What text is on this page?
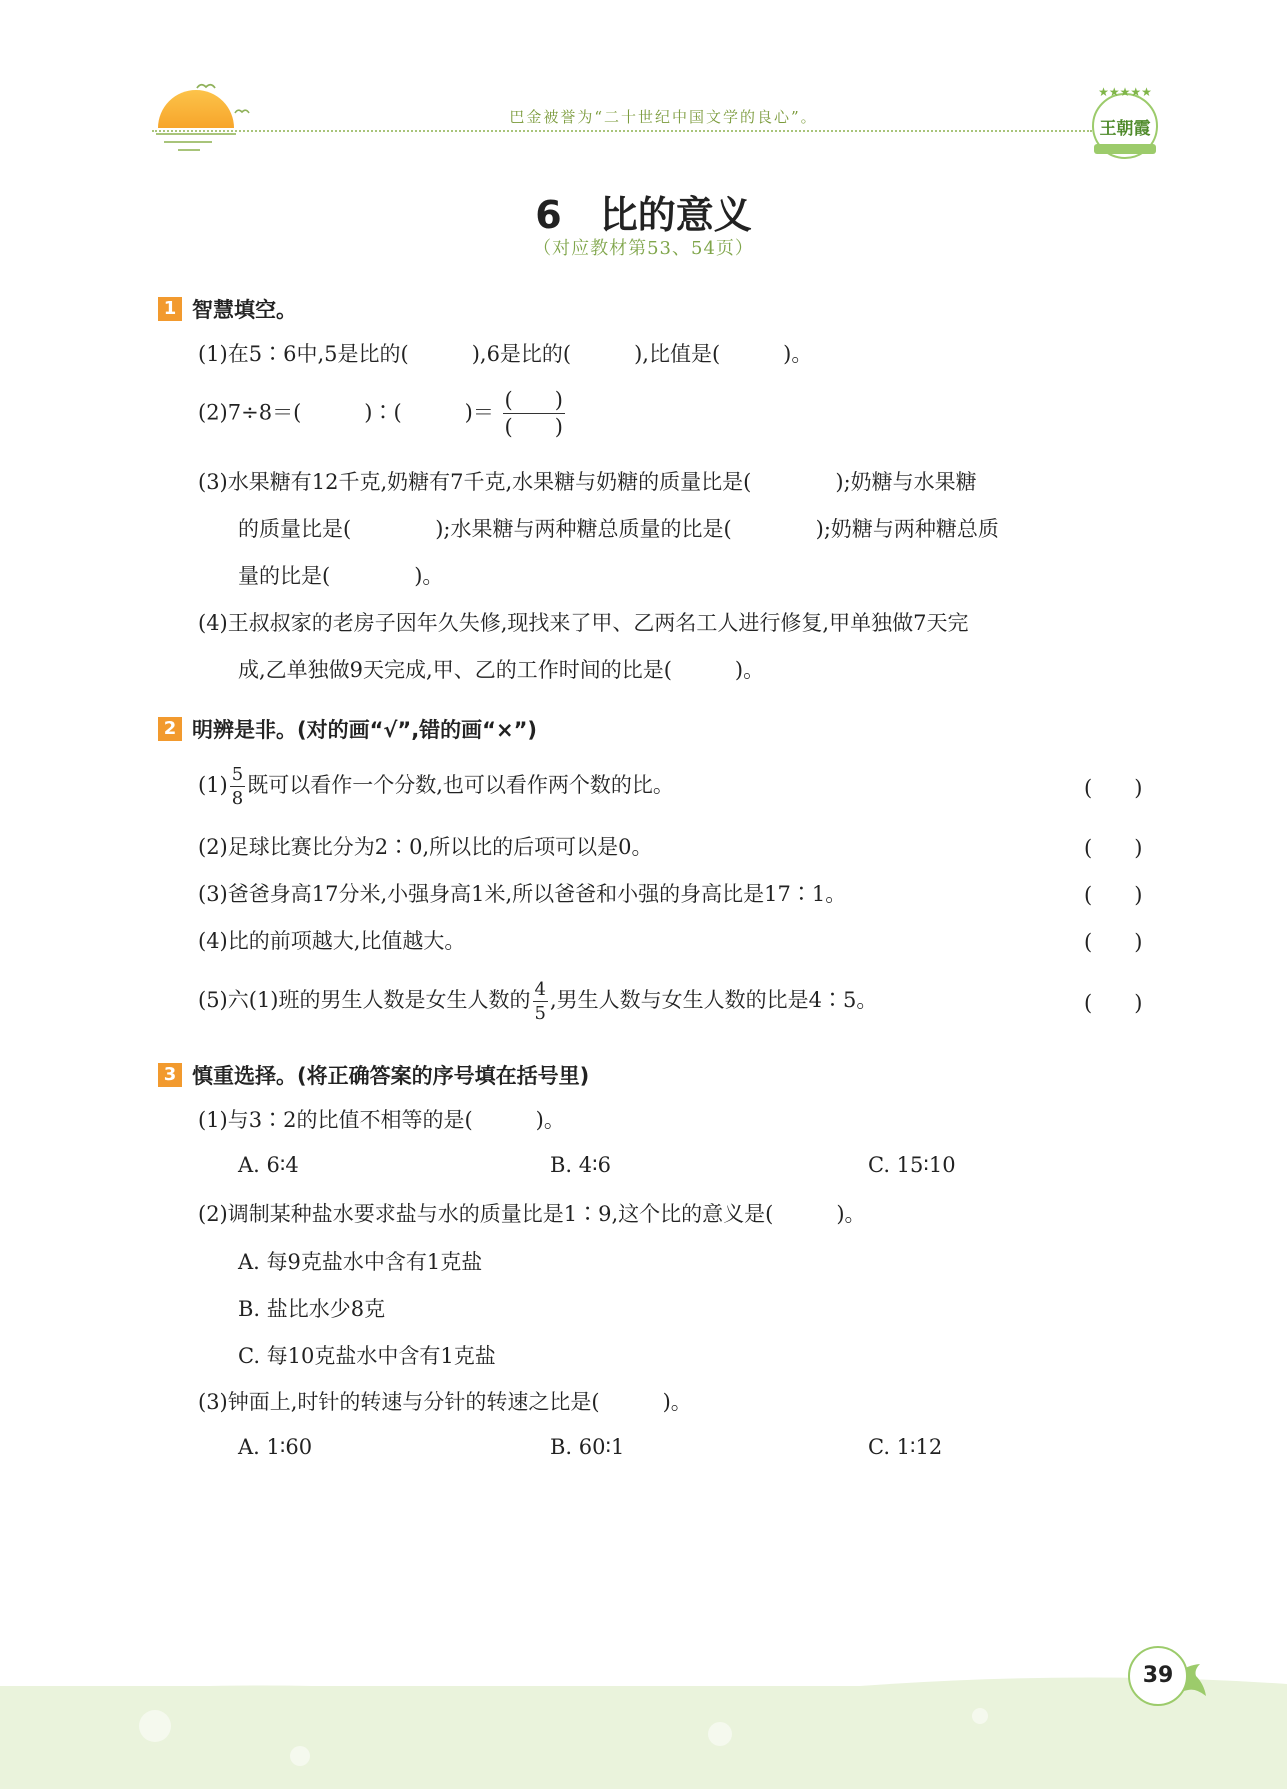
巴金被誉为“二十世纪中国文学的良心”。
★★★★★
王朝霞
6　比的意义
（对应教材第53、54页）
1 智慧填空。
(1)在5∶6中,5是比的(　　　),6是比的(　　　),比值是(　　　)。
(2)7÷8＝(　　　)∶(　　　)＝ $\frac{( )}{( )}$
(3)水果糖有12千克,奶糖有7千克,水果糖与奶糖的质量比是(　　　　);奶糖与水果糖
的质量比是(　　　　);水果糖与两种糖总质量的比是(　　　　);奶糖与两种糖总质
量的比是(　　　　)。
(4)王叔叔家的老房子因年久失修,现找来了甲、乙两名工人进行修复,甲单独做7天完
成,乙单独做9天完成,甲、乙的工作时间的比是(　　　)。
2 明辨是非。(对的画“√”,错的画“×”)
$(1) \frac{5}{8}$ 既可以看作一个分数,也可以看作两个数的比。	(　　)
(2)足球比赛比分为2∶0,所以比的后项可以是0。	(　　)
(3)爸爸身高17分米,小强身高1米,所以爸爸和小强的身高比是17∶1。	(　　)
(4)比的前项越大,比值越大。	(　　)
(5)六(1)班的男生人数是女生人数的 $\frac{4}{5}$ ,男生人数与女生人数的比是4∶5。	(　　)
3 慎重选择。(将正确答案的序号填在括号里)
(1)与3∶2的比值不相等的是(　　　)。
A. 6∶4	B. 4∶6	C. 15∶10
(2)调制某种盐水要求盐与水的质量比是1∶9,这个比的意义是(　　　)。
A. 每9克盐水中含有1克盐
B. 盐比水少8克
C. 每10克盐水中含有1克盐
(3)钟面上,时针的转速与分针的转速之比是(　　　)。
A. 1∶60	B. 60∶1	C. 1∶12
39
